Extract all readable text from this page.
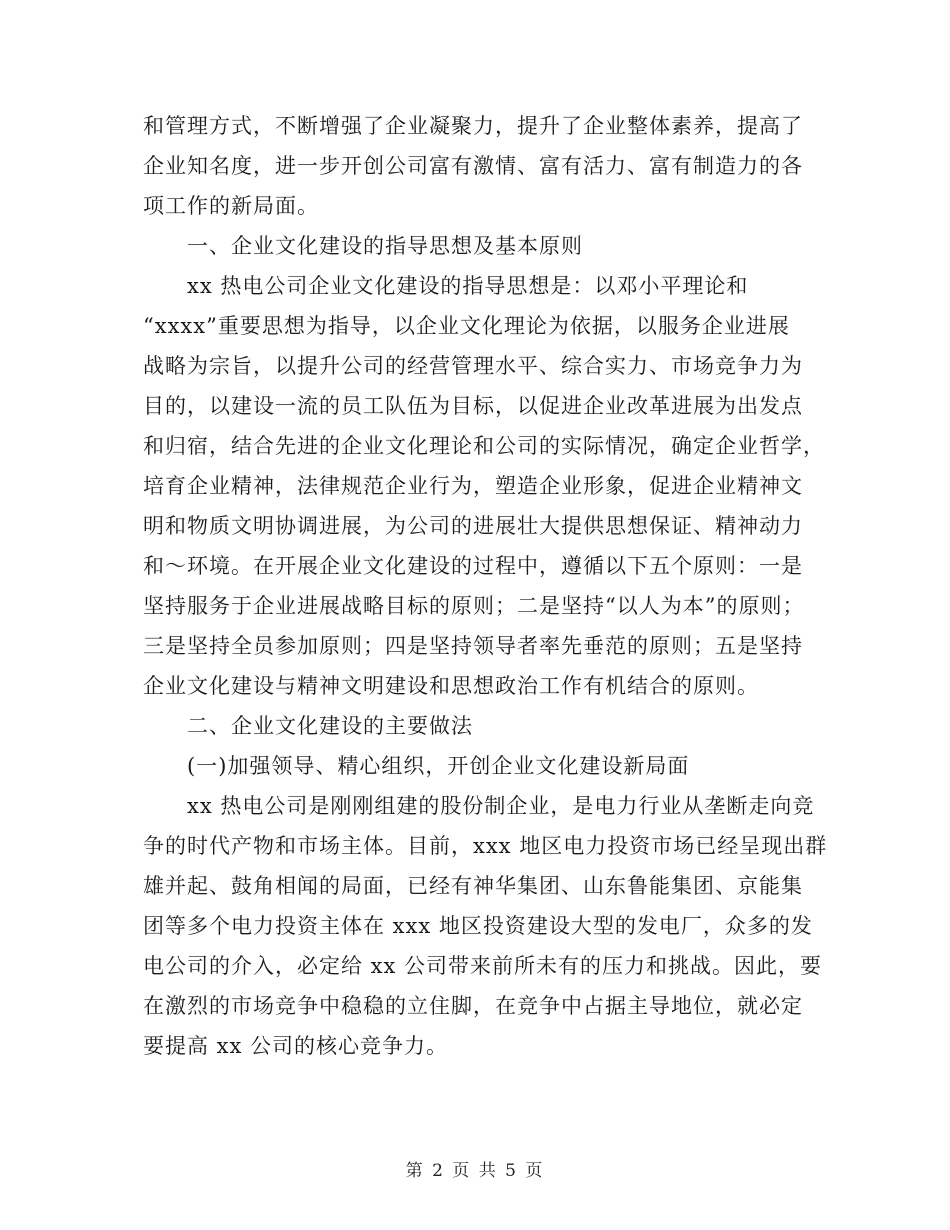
和管理方式，不断增强了企业凝聚力，提升了企业整体素养，提高了
企业知名度，进一步开创公司富有激情、富有活力、富有制造力的各
项工作的新局面。
一、企业文化建设的指导思想及基本原则
xx 热电公司企业文化建设的指导思想是：以邓小平理论和
“xxxx”重要思想为指导，以企业文化理论为依据，以服务企业进展
战略为宗旨，以提升公司的经营管理水平、综合实力、市场竞争力为
目的，以建设一流的员工队伍为目标，以促进企业改革进展为出发点
和归宿，结合先进的企业文化理论和公司的实际情况，确定企业哲学，
培育企业精神，法律规范企业行为，塑造企业形象，促进企业精神文
明和物质文明协调进展，为公司的进展壮大提供思想保证、精神动力
和～环境。在开展企业文化建设的过程中，遵循以下五个原则：一是
坚持服务于企业进展战略目标的原则；二是坚持“以人为本”的原则；
三是坚持全员参加原则；四是坚持领导者率先垂范的原则；五是坚持
企业文化建设与精神文明建设和思想政治工作有机结合的原则。
二、企业文化建设的主要做法
(一)加强领导、精心组织，开创企业文化建设新局面
xx 热电公司是刚刚组建的股份制企业，是电力行业从垄断走向竞
争的时代产物和市场主体。目前，xxx 地区电力投资市场已经呈现出群
雄并起、鼓角相闻的局面，已经有神华集团、山东鲁能集团、京能集
团等多个电力投资主体在 xxx 地区投资建设大型的发电厂，众多的发
电公司的介入，必定给 xx 公司带来前所未有的压力和挑战。因此，要
在激烈的市场竞争中稳稳的立住脚，在竞争中占据主导地位，就必定
要提高 xx 公司的核心竞争力。
第 2 页 共 5 页
